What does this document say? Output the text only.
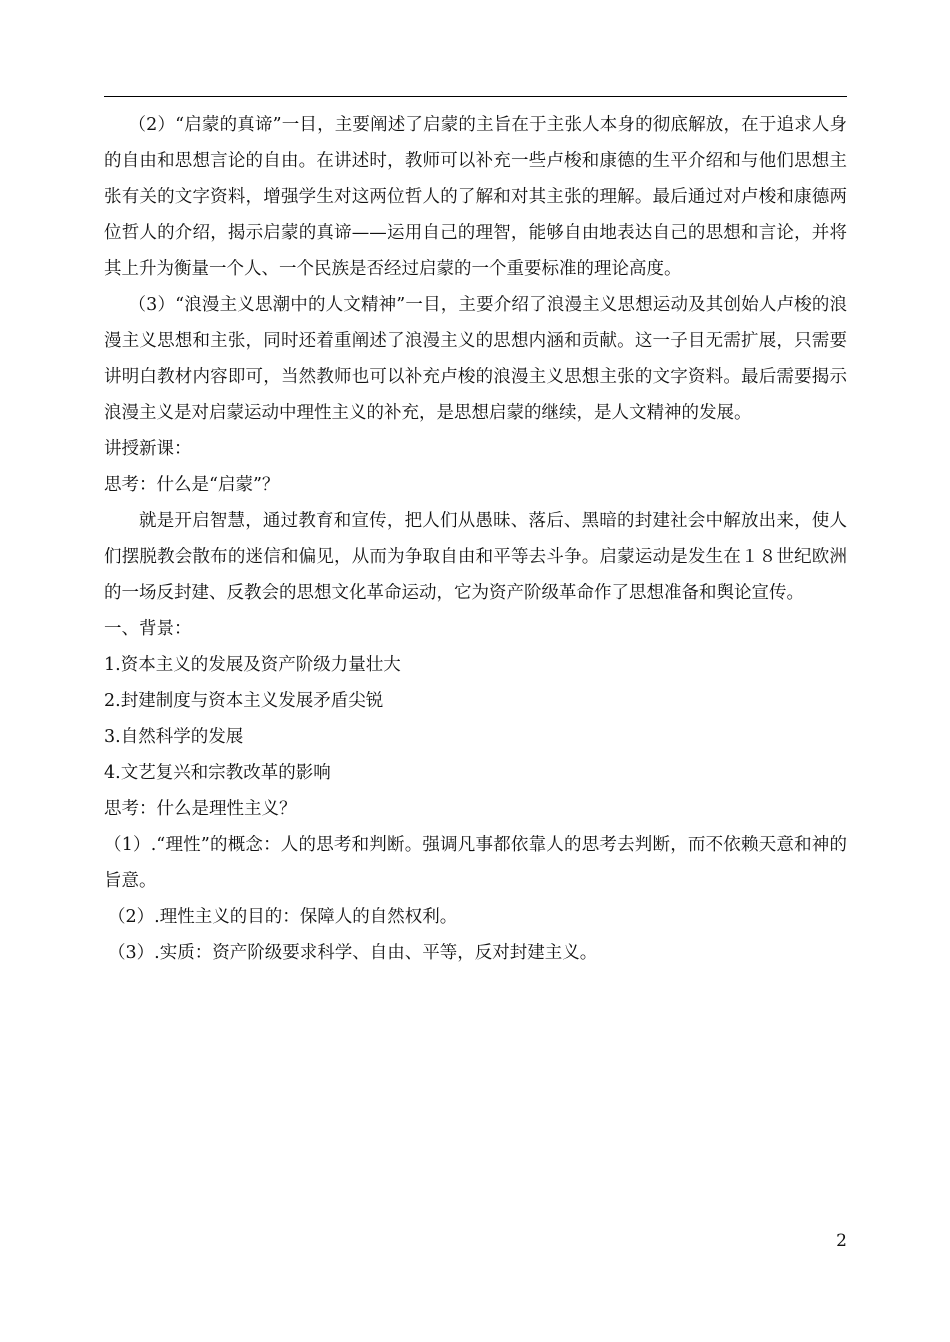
（2）“启蒙的真谛”一目，主要阐述了启蒙的主旨在于主张人本身的彻底解放，在于追求人身的自由和思想言论的自由。在讲述时，教师可以补充一些卢梭和康德的生平介绍和与他们思想主张有关的文字资料，增强学生对这两位哲人的了解和对其主张的理解。最后通过对卢梭和康德两位哲人的介绍，揭示启蒙的真谛——运用自己的理智，能够自由地表达自己的思想和言论，并将其上升为衡量一个人、一个民族是否经过启蒙的一个重要标准的理论高度。

（3）“浪漫主义思潮中的人文精神”一目，主要介绍了浪漫主义思想运动及其创始人卢梭的浪漫主义思想和主张，同时还着重阐述了浪漫主义的思想内涵和贡献。这一子目无需扩展，只需要讲明白教材内容即可，当然教师也可以补充卢梭的浪漫主义思想主张的文字资料。最后需要揭示浪漫主义是对启蒙运动中理性主义的补充，是思想启蒙的继续，是人文精神的发展。

讲授新课：

思考：什么是“启蒙”？

就是开启智慧，通过教育和宣传，把人们从愚昧、落后、黑暗的封建社会中解放出来，使人们摆脱教会散布的迷信和偏见，从而为争取自由和平等去斗争。启蒙运动是发生在１８世纪欧洲的一场反封建、反教会的思想文化革命运动，它为资产阶级革命作了思想准备和舆论宣传。

一、背景：

1.资本主义的发展及资产阶级力量壮大

2.封建制度与资本主义发展矛盾尖锐

3.自然科学的发展

4.文艺复兴和宗教改革的影响

思考：什么是理性主义？

（1）.“理性”的概念：人的思考和判断。强调凡事都依靠人的思考去判断，而不依赖天意和神的旨意。

（2）.理性主义的目的：保障人的自然权利。

（3）.实质：资产阶级要求科学、自由、平等，反对封建主义。

2
